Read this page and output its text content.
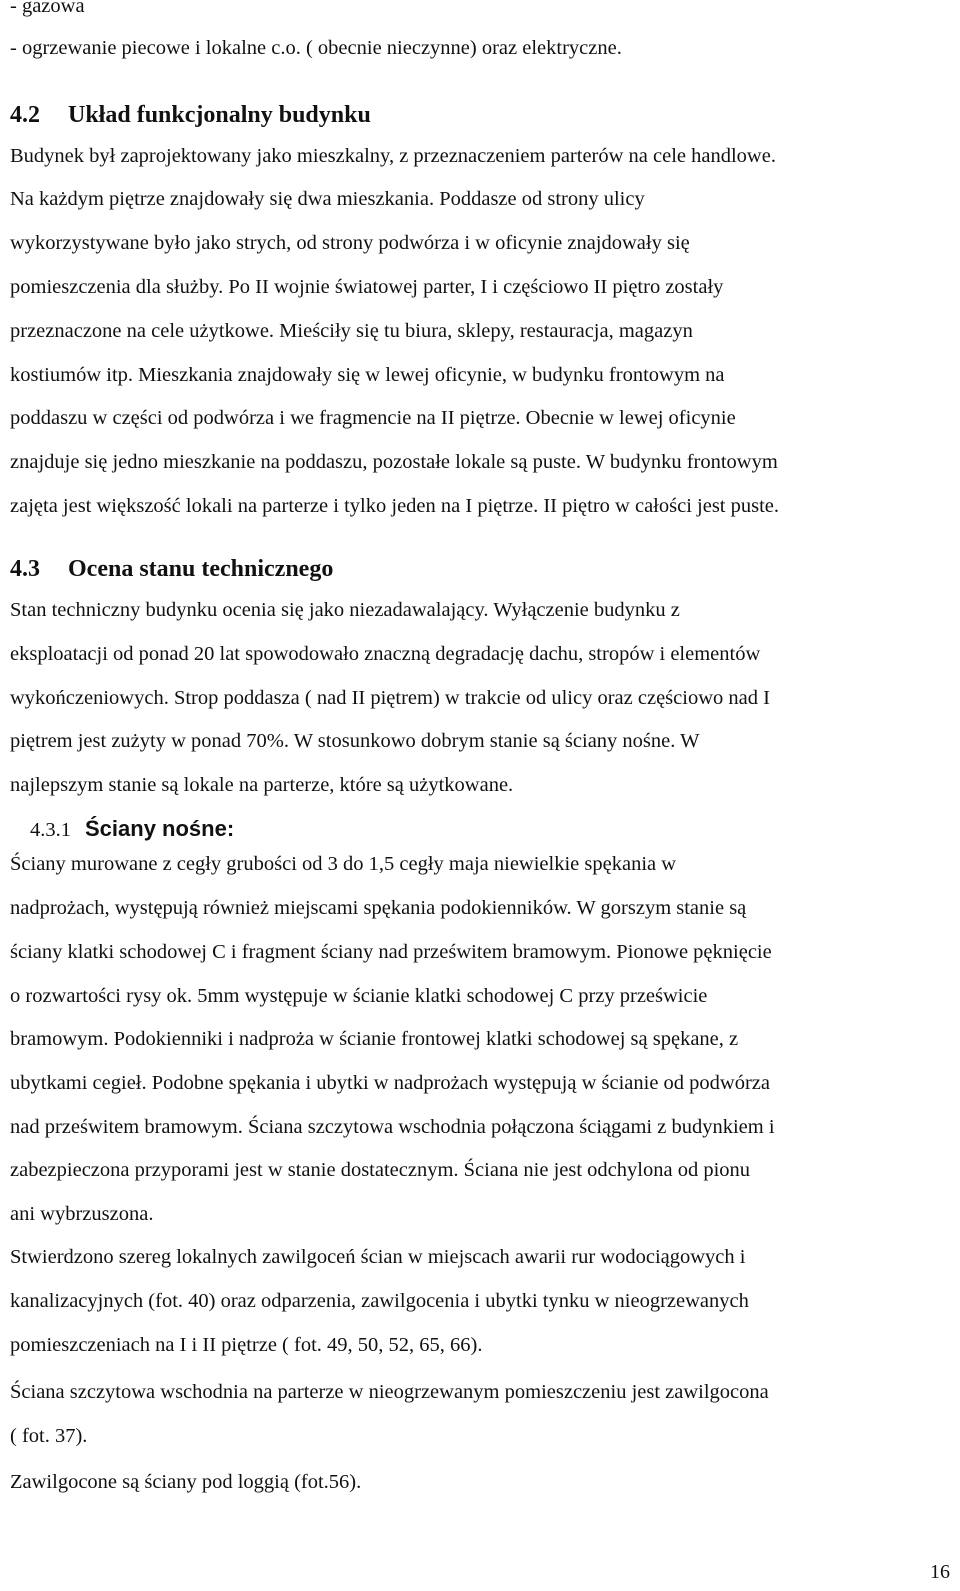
- gazowa
- ogrzewanie piecowe i lokalne c.o. ( obecnie nieczynne) oraz elektryczne.
4.2 Układ funkcjonalny budynku
Budynek był zaprojektowany jako mieszkalny, z przeznaczeniem parterów na cele handlowe.
Na każdym piętrze znajdowały się dwa mieszkania. Poddasze od strony ulicy
wykorzystywane było jako strych, od strony podwórza i w oficynie znajdowały się
pomieszczenia dla służby. Po II wojnie światowej parter, I i częściowo II piętro zostały
przeznaczone na cele użytkowe. Mieściły się tu biura, sklepy, restauracja, magazyn
kostiumów itp. Mieszkania znajdowały się w lewej oficynie, w budynku frontowym na
poddaszu w części od podwórza i we fragmencie na II piętrze. Obecnie w lewej oficynie
znajduje się jedno mieszkanie na poddaszu, pozostałe lokale są puste. W budynku frontowym
zajęta jest większość lokali na parterze i tylko jeden na I piętrze. II piętro w całości jest puste.
4.3 Ocena stanu technicznego
Stan techniczny budynku ocenia się jako niezadawalający. Wyłączenie budynku z
eksploatacji od ponad 20 lat spowodowało znaczną degradację dachu, stropów i elementów
wykończeniowych. Strop poddasza ( nad II piętrem) w trakcie od ulicy oraz częściowo nad I
piętrem jest zużyty w ponad 70%. W stosunkowo dobrym stanie są ściany nośne. W
najlepszym stanie są lokale na parterze, które są użytkowane.
4.3.1 Ściany nośne:
Ściany murowane z cegły grubości od 3 do 1,5 cegły maja niewielkie spękania w
nadprożach, występują również miejscami spękania podokienników. W gorszym stanie są
ściany klatki schodowej C i fragment ściany nad prześwitem bramowym. Pionowe pęknięcie
o rozwartości rysy ok. 5mm występuje w ścianie klatki schodowej C przy prześwicie
bramowym. Podokienniki i nadproża w ścianie frontowej klatki schodowej są spękane, z
ubytkami cegieł. Podobne spękania i ubytki w nadprożach występują w ścianie od podwórza
nad prześwitem bramowym. Ściana szczytowa wschodnia połączona ściągami z budynkiem i
zabezpieczona przyporami jest w stanie dostatecznym. Ściana nie jest odchylona od pionu
ani wybrzuszona.
Stwierdzono szereg lokalnych zawilgoceń ścian w miejscach awarii rur wodociągowych i
kanalizacyjnych (fot. 40) oraz odparzenia, zawilgocenia i ubytki tynku w nieogrzewanych
pomieszczeniach na I i II piętrze ( fot. 49, 50, 52, 65, 66).
Ściana szczytowa wschodnia na parterze w nieogrzewanym pomieszczeniu jest zawilgocona
( fot. 37).
Zawilgocone są ściany pod loggią (fot.56).
16
